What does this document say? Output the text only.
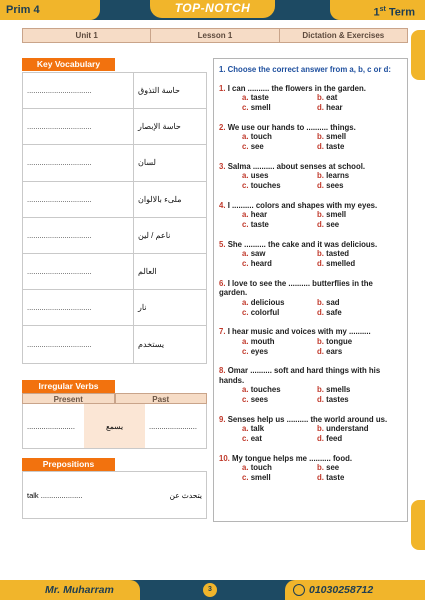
Prim 4	TOP-NOTCH	1st Term
Unit 1	Lesson 1	Dictation & Exercises
Key Vocabulary
...............................	حاسة التذوق
...............................	حاسة الإبصار
...............................	لسان
...............................	ملىء بالالوان
...............................	ناعم / لين
...............................	العالم
...............................	نار
...............................	يستخدم
Irregular Verbs
Present	Past
.......................	يسمع	.......................
Prepositions
talk ....................	يتحدث عن
1. Choose the correct answer from a, b, c or d:
1. I can .......... the flowers in the garden.
a. taste	b. eat
c. smell	d. hear
2. We use our hands to .......... things.
a. touch	b. smell
c. see	d. taste
3. Salma .......... about senses at school.
a. uses	b. learns
c. touches	d. sees
4. I .......... colors and shapes with my eyes.
a. hear	b. smell
c. taste	d. see
5. She .......... the cake and it was delicious.
a. saw	b. tasted
c. heard	d. smelled
6. I love to see the .......... butterflies in the garden.
a. delicious	b. sad
c. colorful	d. safe
7. I hear music and voices with my ..........
a. mouth	b. tongue
c. eyes	d. ears
8. Omar .......... soft and hard things with his hands.
a. touches	b. smells
c. sees	d. tastes
9. Senses help us .......... the world around us.
a. talk	b. understand
c. eat	d. feed
10. My tongue helps me .......... food.
a. touch	b. see
c. smell	d. taste
Mr. Muharram	3	01030258712
